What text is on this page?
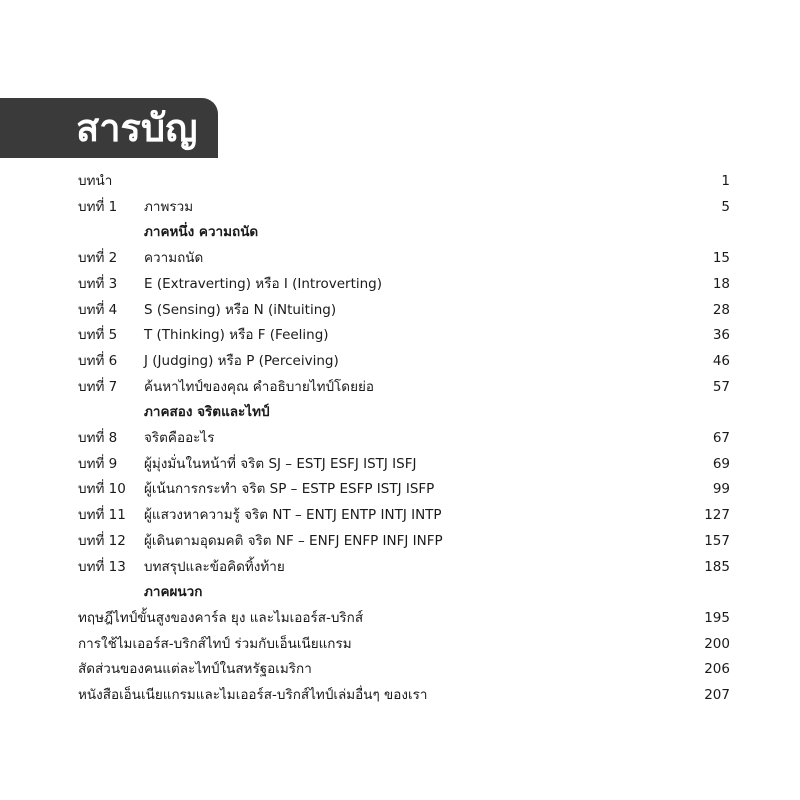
สารบัญ
บทนำ	1
บทที่ 1 ภาพรวม	5
ภาคหนึ่ง ความถนัด
บทที่ 2 ความถนัด	15
บทที่ 3 E (Extraverting) หรือ I (Introverting)	18
บทที่ 4 S (Sensing) หรือ N (iNtuiting)	28
บทที่ 5 T (Thinking) หรือ F (Feeling)	36
บทที่ 6 J (Judging) หรือ P (Perceiving)	46
บทที่ 7 ค้นหาไทป์ของคุณ คำอธิบายไทป์โดยย่อ	57
ภาคสอง จริตและไทป์
บทที่ 8 จริตคืออะไร	67
บทที่ 9 ผู้มุ่งมั่นในหน้าที่ จริต SJ – ESTJ ESFJ ISTJ ISFJ	69
บทที่ 10 ผู้เน้นการกระทำ จริต SP – ESTP ESFP ISTJ ISFP	99
บทที่ 11 ผู้แสวงหาความรู้ จริต NT – ENTJ ENTP INTJ INTP	127
บทที่ 12 ผู้เดินตามอุดมคติ จริต NF – ENFJ ENFP INFJ INFP	157
บทที่ 13 บทสรุปและข้อคิดทิ้งท้าย	185
ภาคผนวก
ทฤษฎีไทป์ขั้นสูงของคาร์ล ยุง และไมเออร์ส-บริกส์	195
การใช้ไมเออร์ส-บริกส์ไทป์ ร่วมกับเอ็นเนียแกรม	200
สัดส่วนของคนแต่ละไทป์ในสหรัฐอเมริกา	206
หนังสือเอ็นเนียแกรมและไมเออร์ส-บริกส์ไทป์เล่มอื่นๆ ของเรา	207
